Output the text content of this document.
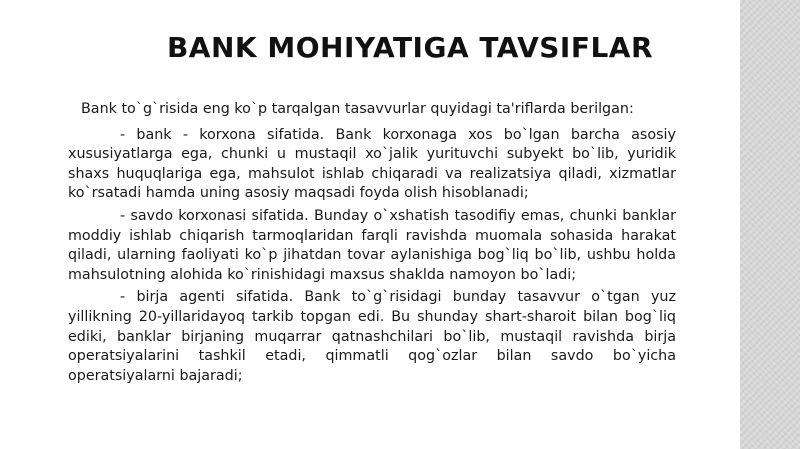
BANK MOHIYATIGA TAVSIFLAR

Bank to`g`risida eng ko`p tarqalgan tasavvurlar quyidagi ta'riflarda berilgan:

- bank - korxona sifatida. Bank korxonaga xos bo`lgan barcha asosiy xususiyatlarga ega, chunki u mustaqil xo`jalik yurituvchi subyekt bo`lib, yuridik shaxs huquqlariga ega, mahsulot ishlab chiqaradi va realizatsiya qiladi, xizmatlar ko`rsatadi hamda uning asosiy maqsadi foyda olish hisoblanadi;

- savdo korxonasi sifatida. Bunday o`xshatish tasodifiy emas, chunki banklar moddiy ishlab chiqarish tarmoqlaridan farqli ravishda muomala sohasida harakat qiladi, ularning faoliyati ko`p jihatdan tovar aylanishiga bog`liq bo`lib, ushbu holda mahsulotning alohida ko`rinishidagi maxsus shakldа namoyon bo`ladi;

- birja agenti sifatida. Bank to`g`risidagi bunday tasavvur o`tgan yuz yillikning 20-yillaridayoq tarkib topgan edi. Bu shunday shart-sharoit bilan bog`liq ediki, banklar birjaning muqarrar qatnashchilari bo`lib, mustaqil ravishda birja operatsiyalarini tashkil etadi, qimmatli qog`ozlar bilan savdo bo`yicha operatsiyalarni bajaradi;
